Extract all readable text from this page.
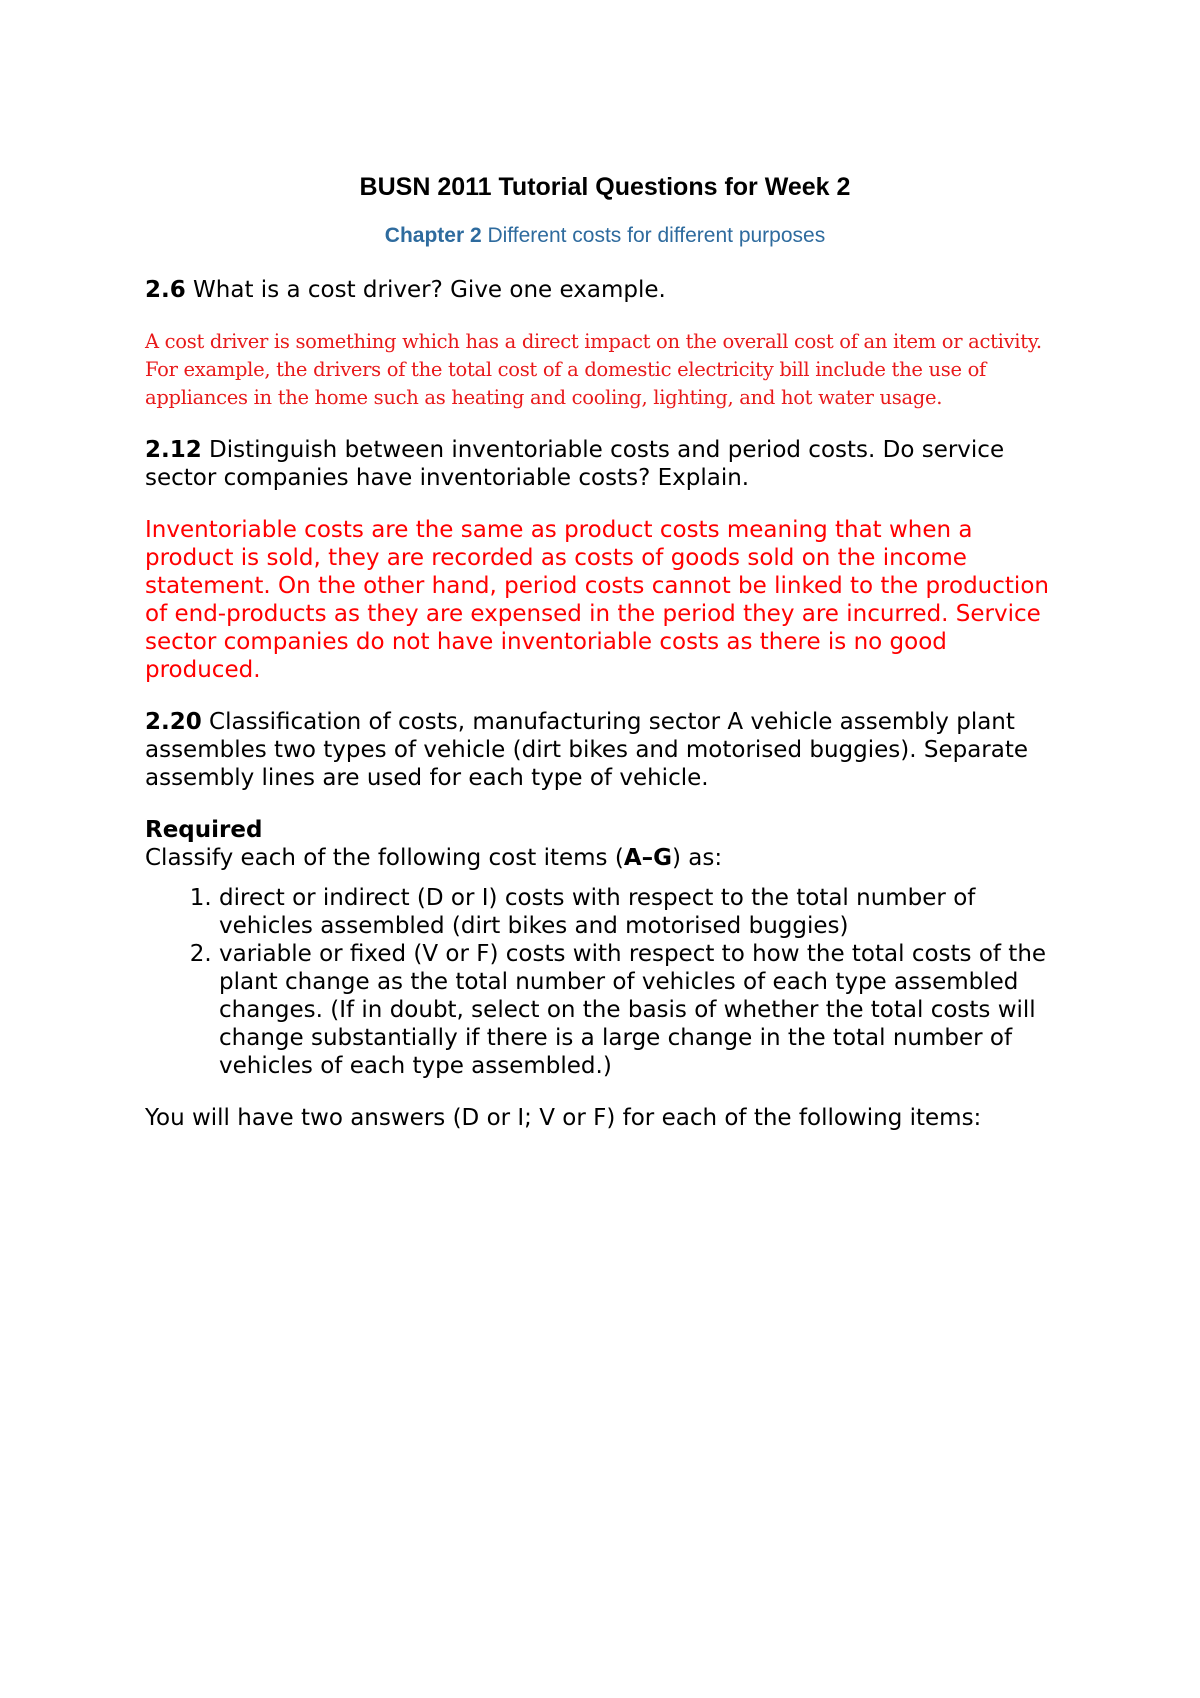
BUSN 2011 Tutorial Questions for Week 2

Chapter 2 Different costs for different purposes

2.6 What is a cost driver? Give one example.

A cost driver is something which has a direct impact on the overall cost of an item or activity. For example, the drivers of the total cost of a domestic electricity bill include the use of appliances in the home such as heating and cooling, lighting, and hot water usage.

2.12 Distinguish between inventoriable costs and period costs. Do service sector companies have inventoriable costs? Explain.

Inventoriable costs are the same as product costs meaning that when a product is sold, they are recorded as costs of goods sold on the income statement. On the other hand, period costs cannot be linked to the production of end-products as they are expensed in the period they are incurred. Service sector companies do not have inventoriable costs as there is no good produced.

2.20 Classification of costs, manufacturing sector A vehicle assembly plant assembles two types of vehicle (dirt bikes and motorised buggies). Separate assembly lines are used for each type of vehicle.

Required

Classify each of the following cost items (A–G) as:

1. direct or indirect (D or I) costs with respect to the total number of vehicles assembled (dirt bikes and motorised buggies)
2. variable or fixed (V or F) costs with respect to how the total costs of the plant change as the total number of vehicles of each type assembled changes. (If in doubt, select on the basis of whether the total costs will change substantially if there is a large change in the total number of vehicles of each type assembled.)

You will have two answers (D or I; V or F) for each of the following items:
